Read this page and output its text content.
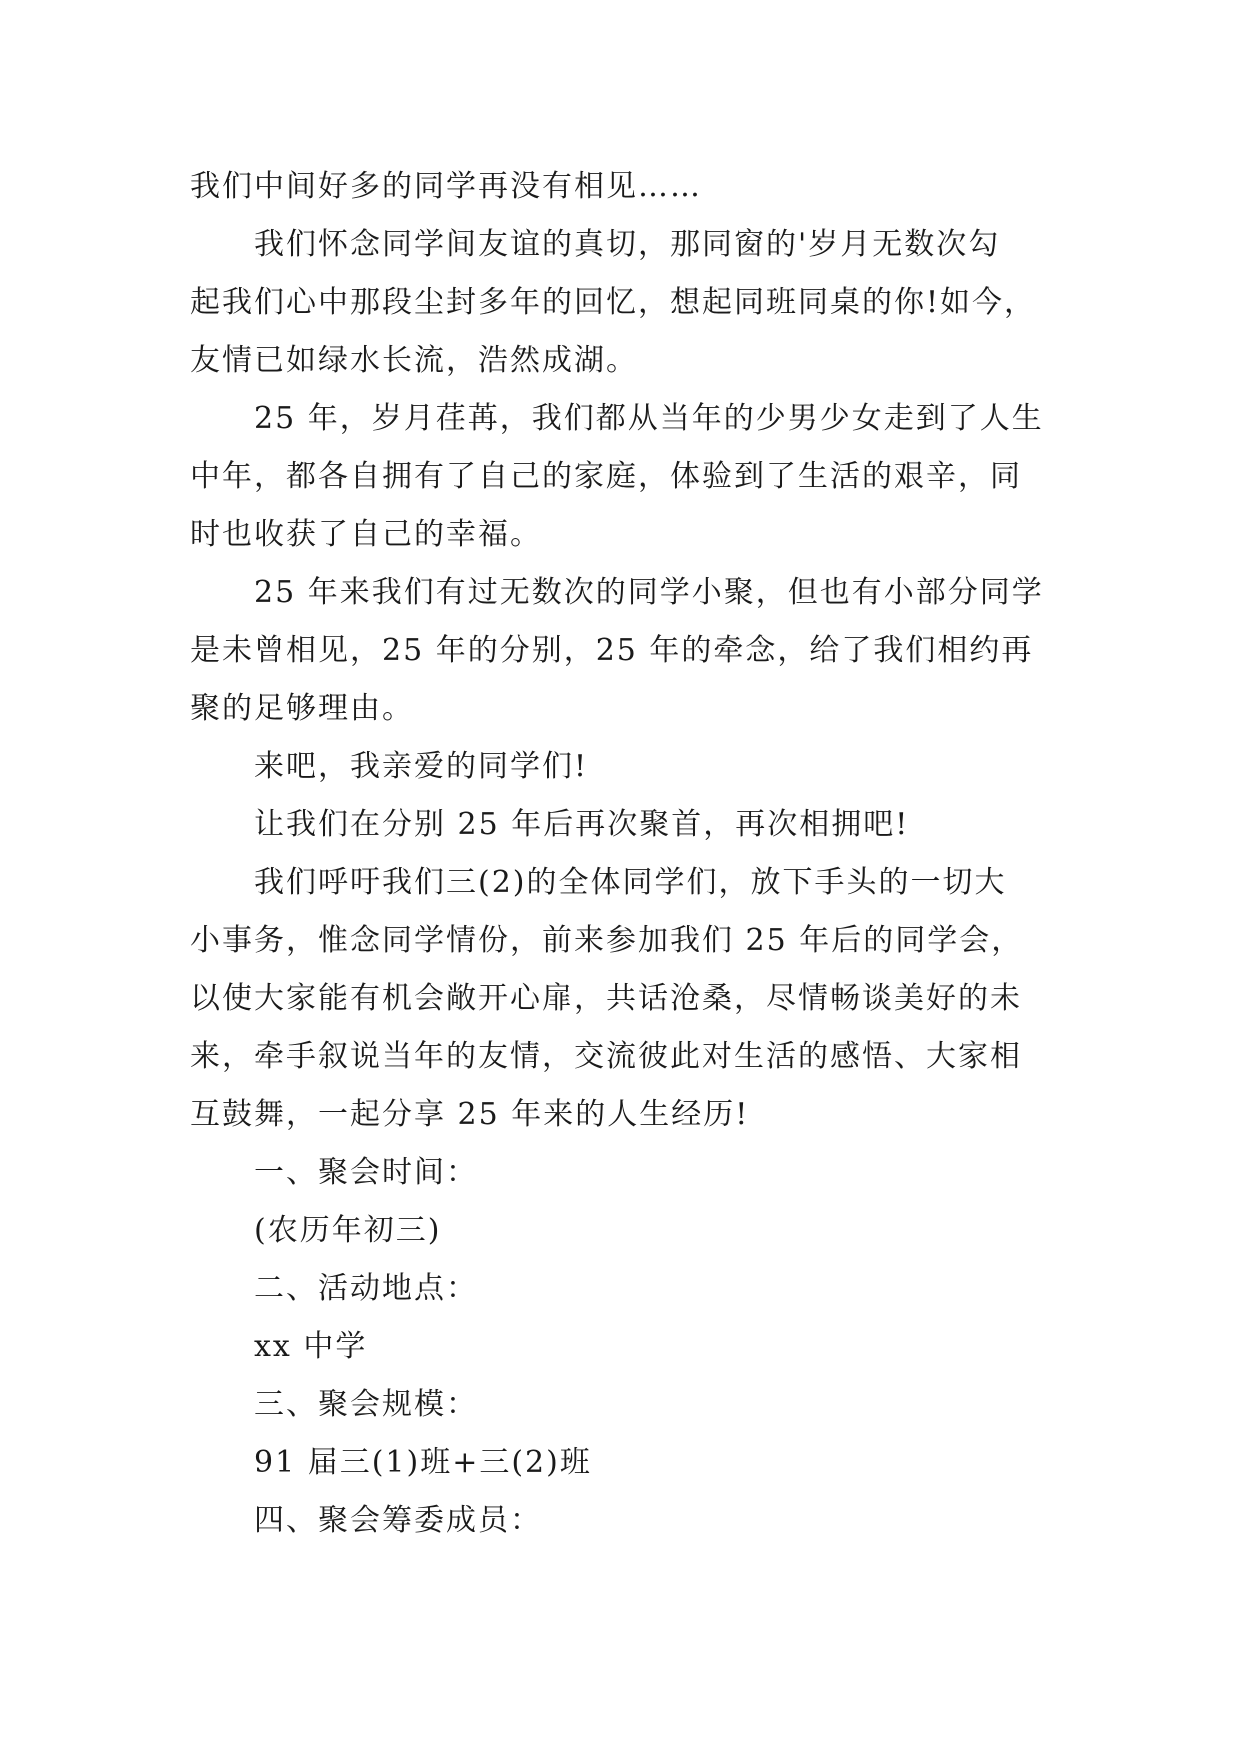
我们中间好多的同学再没有相见……
我们怀念同学间友谊的真切，那同窗的'岁月无数次勾
起我们心中那段尘封多年的回忆，想起同班同桌的你!如今，
友情已如绿水长流，浩然成湖。
25 年，岁月荏苒，我们都从当年的少男少女走到了人生
中年，都各自拥有了自己的家庭，体验到了生活的艰辛，同
时也收获了自己的幸福。
25 年来我们有过无数次的同学小聚，但也有小部分同学
是未曾相见，25 年的分别，25 年的牵念，给了我们相约再
聚的足够理由。
来吧，我亲爱的同学们!
让我们在分别 25 年后再次聚首，再次相拥吧!
我们呼吁我们三(2)的全体同学们，放下手头的一切大
小事务，惟念同学情份，前来参加我们 25 年后的同学会，
以使大家能有机会敞开心扉，共话沧桑，尽情畅谈美好的未
来，牵手叙说当年的友情，交流彼此对生活的感悟、大家相
互鼓舞，一起分享 25 年来的人生经历!
一、聚会时间：
(农历年初三)
二、活动地点：
xx 中学
三、聚会规模：
91 届三(1)班+三(2)班
四、聚会筹委成员：
